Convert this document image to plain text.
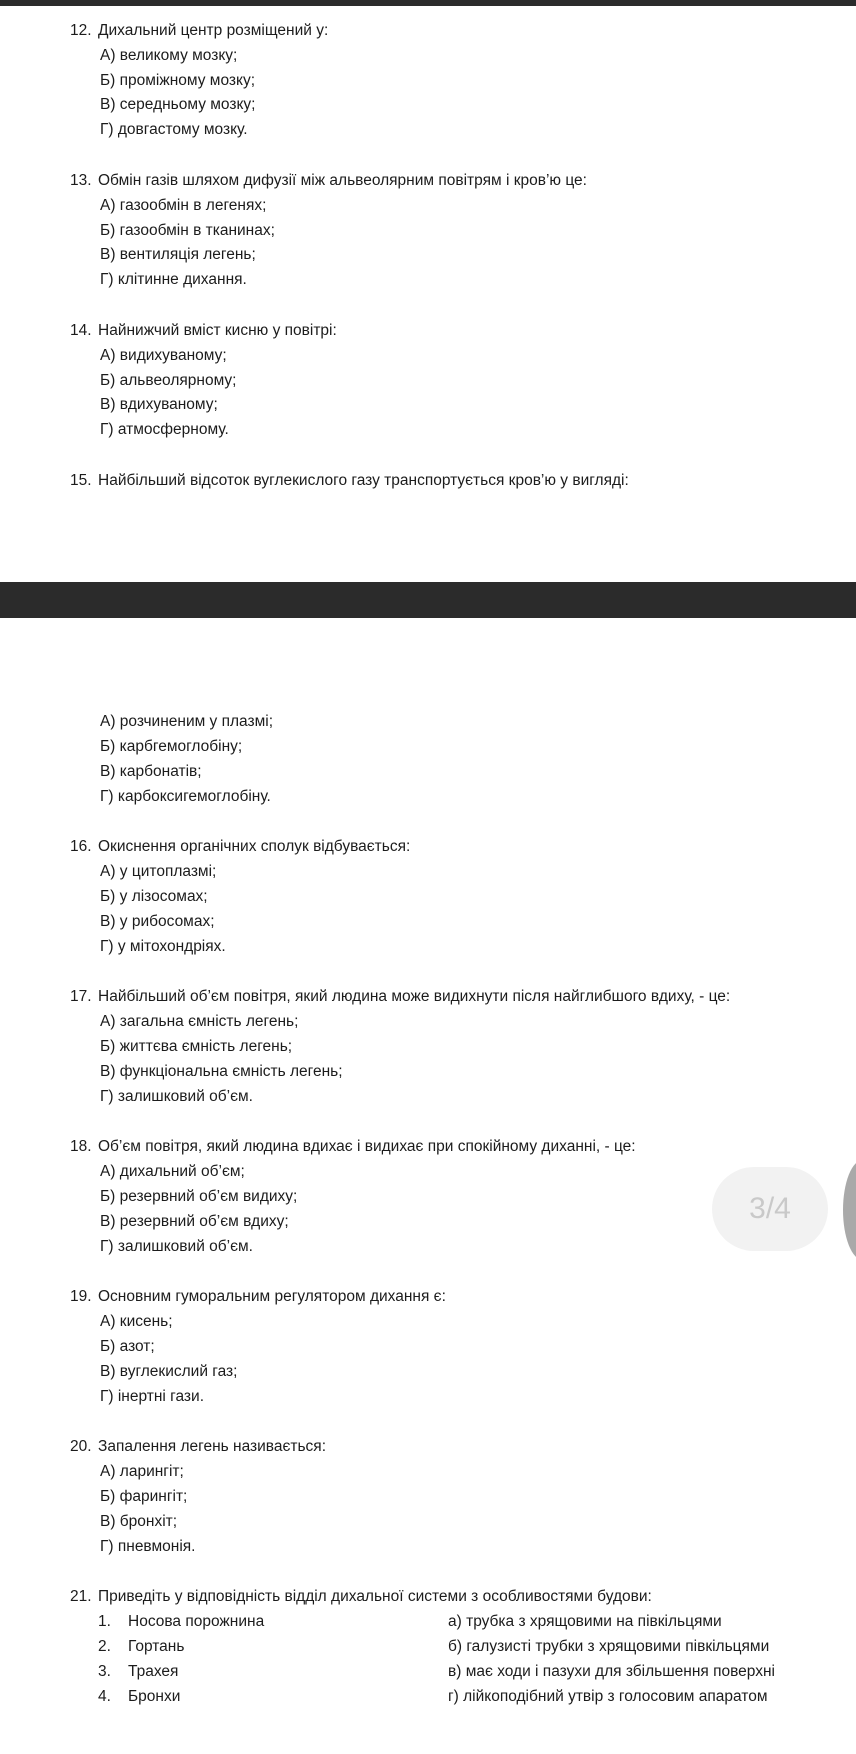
12. Дихальний центр розміщений у:
А) великому мозку;
Б) проміжному мозку;
В) середньому мозку;
Г) довгастому мозку.
13. Обмін газів шляхом дифузії між альвеолярним повітрям і кров’ю це:
А) газообмін в легенях;
Б) газообмін в тканинах;
В) вентиляція легень;
Г) клітинне дихання.
14. Найнижчий вміст кисню у повітрі:
А) видихуваному;
Б) альвеолярному;
В) вдихуваному;
Г) атмосферному.
15. Найбільший відсоток вуглекислого газу транспортується кров’ю у вигляді:
А) розчиненим у плазмі;
Б) карбгемоглобіну;
В) карбонатів;
Г) карбоксигемоглобіну.
16. Окиснення органічних сполук відбувається:
А) у цитоплазмі;
Б) у лізосомах;
В) у рибосомах;
Г) у мітохондріях.
17. Найбільший об’єм повітря, який людина може видихнути після найглибшого вдиху, - це:
А) загальна ємність легень;
Б) життєва ємність легень;
В) функціональна ємність легень;
Г) залишковий об’єм.
18. Об’єм повітря, який людина вдихає і видихає при спокійному диханні, - це:
А) дихальний об’єм;
Б) резервний об’єм видиху;
В) резервний об’єм вдиху;
Г) залишковий об’єм.
19. Основним гуморальним регулятором дихання є:
А) кисень;
Б) азот;
В) вуглекислий газ;
Г) інертні гази.
20. Запалення легень називається:
А) ларингіт;
Б) фарингіт;
В) бронхіт;
Г) пневмонія.
21. Приведіть у відповідність відділ дихальної системи з особливостями будови:
1. Носова порожнина	а) трубка з хрящовими на півкільцями
2. Гортань	б) галузисті трубки з хрящовими півкільцями
3. Трахея	в) має ходи і пазухи для збільшення поверхні
4. Бронхи	г) лійкоподібний утвір з голосовим апаратом
3/4
